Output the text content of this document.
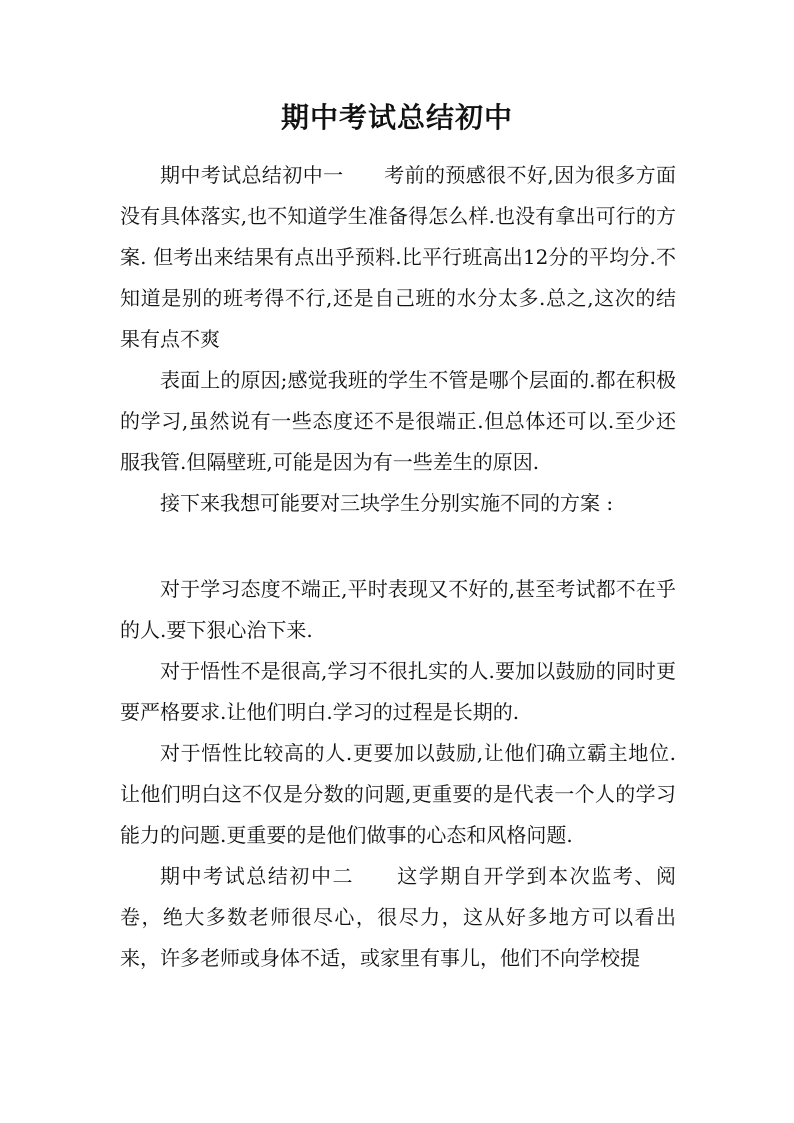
期中考试总结初中

期中考试总结初中一　　考前的预感很不好,因为很多方面没有具体落实,也不知道学生准备得怎么样.也没有拿出可行的方案. 但考出来结果有点出乎预料.比平行班高出12分的平均分.不知道是别的班考得不行,还是自己班的水分太多.总之,这次的结果有点不爽

表面上的原因;感觉我班的学生不管是哪个层面的.都在积极的学习,虽然说有一些态度还不是很端正.但总体还可以.至少还服我管.但隔壁班,可能是因为有一些差生的原因.

接下来我想可能要对三块学生分别实施不同的方案 :

对于学习态度不端正,平时表现又不好的,甚至考试都不在乎的人.要下狠心治下来.

对于悟性不是很高,学习不很扎实的人.要加以鼓励的同时更要严格要求.让他们明白.学习的过程是长期的.

对于悟性比较高的人.更要加以鼓励,让他们确立霸主地位.让他们明白这不仅是分数的问题,更重要的是代表一个人的学习能力的问题.更重要的是他们做事的心态和风格问题.

期中考试总结初中二　　这学期自开学到本次监考、阅卷，绝大多数老师很尽心，很尽力，这从好多地方可以看出来，许多老师或身体不适，或家里有事儿，他们不向学校提
